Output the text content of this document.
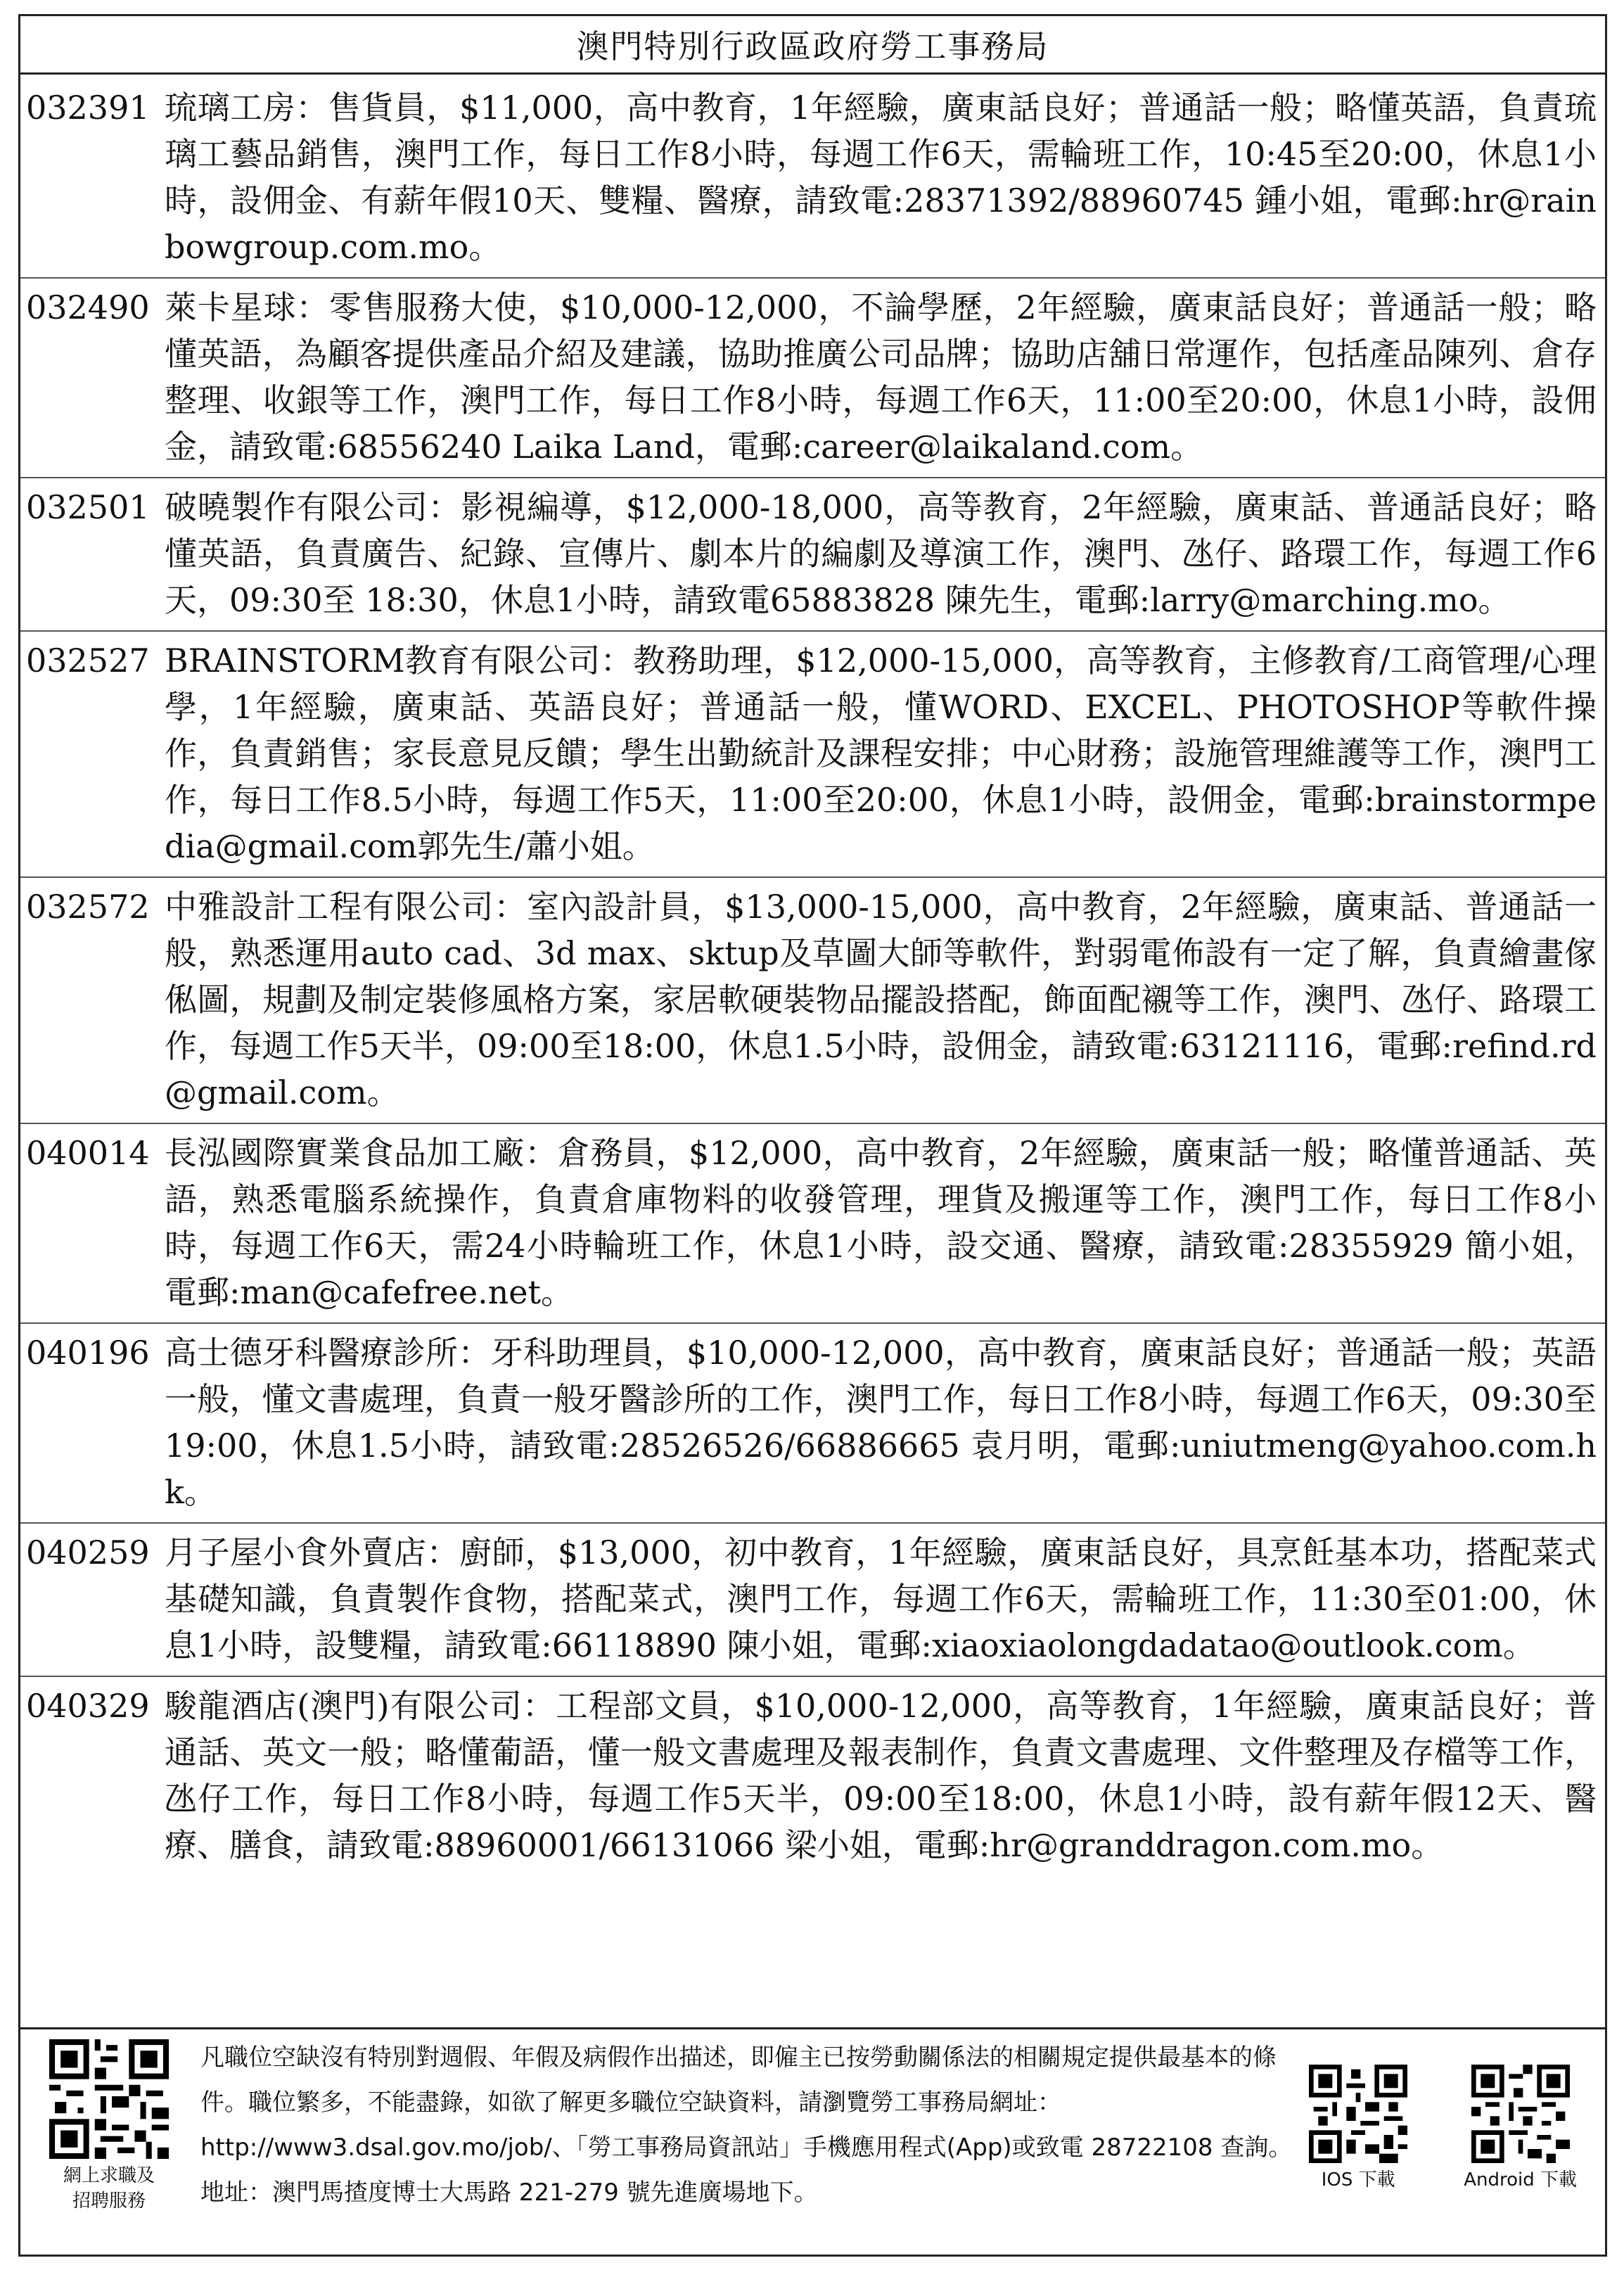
澳門特別行政區政府勞工事務局
032391 琉璃工房：售貨員，$11,000，高中教育，1年經驗，廣東話良好；普通話一般；略懂英語，負責琉璃工藝品銷售，澳門工作，每日工作8小時，每週工作6天，需輪班工作，10:45至20:00，休息1小時，設佣金、有薪年假10天、雙糧、醫療，請致電:28371392/88960745 鍾小姐，電郵:hr@rainbowgroup.com.mo。
032490 萊卡星球：零售服務大使，$10,000-12,000，不論學歷，2年經驗，廣東話良好；普通話一般；略懂英語，為顧客提供產品介紹及建議，協助推廣公司品牌；協助店舖日常運作，包括產品陳列、倉存整理、收銀等工作，澳門工作，每日工作8小時，每週工作6天，11:00至20:00，休息1小時，設佣金，請致電:68556240 Laika Land，電郵:career@laikaland.com。
032501 破曉製作有限公司：影視編導，$12,000-18,000，高等教育，2年經驗，廣東話、普通話良好；略懂英語，負責廣告、紀錄、宣傳片、劇本片的編劇及導演工作，澳門、氹仔、路環工作，每週工作6天，09:30至 18:30，休息1小時，請致電65883828 陳先生，電郵:larry@marching.mo。
032527 BRAINSTORM教育有限公司：教務助理，$12,000-15,000，高等教育，主修教育/工商管理/心理學，1年經驗，廣東話、英語良好；普通話一般，懂WORD、EXCEL、PHOTOSHOP等軟件操作，負責銷售；家長意見反饋；學生出勤統計及課程安排；中心財務；設施管理維護等工作，澳門工作，每日工作8.5小時，每週工作5天，11:00至20:00，休息1小時，設佣金，電郵:brainstormpedia@gmail.com郭先生/蕭小姐。
032572 中雅設計工程有限公司：室內設計員，$13,000-15,000，高中教育，2年經驗，廣東話、普通話一般，熟悉運用auto cad、3d max、sktup及草圖大師等軟件，對弱電佈設有一定了解，負責繪畫傢俬圖，規劃及制定裝修風格方案，家居軟硬裝物品擺設搭配，飾面配襯等工作，澳門、氹仔、路環工作，每週工作5天半，09:00至18:00，休息1.5小時，設佣金，請致電:63121116，電郵:refind.rd@gmail.com。
040014 長泓國際實業食品加工廠：倉務員，$12,000，高中教育，2年經驗，廣東話一般；略懂普通話、英語，熟悉電腦系統操作，負責倉庫物料的收發管理，理貨及搬運等工作，澳門工作，每日工作8小時，每週工作6天，需24小時輪班工作，休息1小時，設交通、醫療，請致電:28355929 簡小姐，電郵:man@cafefree.net。
040196 高士德牙科醫療診所：牙科助理員，$10,000-12,000，高中教育，廣東話良好；普通話一般；英語一般，懂文書處理，負責一般牙醫診所的工作，澳門工作，每日工作8小時，每週工作6天，09:30至19:00，休息1.5小時，請致電:28526526/66886665 袁月明，電郵:uniutmeng@yahoo.com.hk。
040259 月子屋小食外賣店：廚師，$13,000，初中教育，1年經驗，廣東話良好，具烹飪基本功，搭配菜式基礎知識，負責製作食物，搭配菜式，澳門工作，每週工作6天，需輪班工作，11:30至01:00，休息1小時，設雙糧，請致電:66118890 陳小姐，電郵:xiaoxiaolongdadatao@outlook.com。
040329 駿龍酒店(澳門)有限公司：工程部文員，$10,000-12,000，高等教育，1年經驗，廣東話良好；普通話、英文一般；略懂葡語，懂一般文書處理及報表制作，負責文書處理、文件整理及存檔等工作，氹仔工作，每日工作8小時，每週工作5天半，09:00至18:00，休息1小時，設有薪年假12天、醫療、膳食，請致電:88960001/66131066 梁小姐，電郵:hr@granddragon.com.mo。
網上求職及
招聘服務
凡職位空缺沒有特別對週假、年假及病假作出描述，即僱主已按勞動關係法的相關規定提供最基本的條件。職位繁多，不能盡錄，如欲了解更多職位空缺資料，請瀏覽勞工事務局網址：http://www3.dsal.gov.mo/job/、「勞工事務局資訊站」手機應用程式(App)或致電 28722108 查詢。地址：澳門馬揸度博士大馬路 221-279 號先進廣場地下。	IOS 下載	Android 下載
